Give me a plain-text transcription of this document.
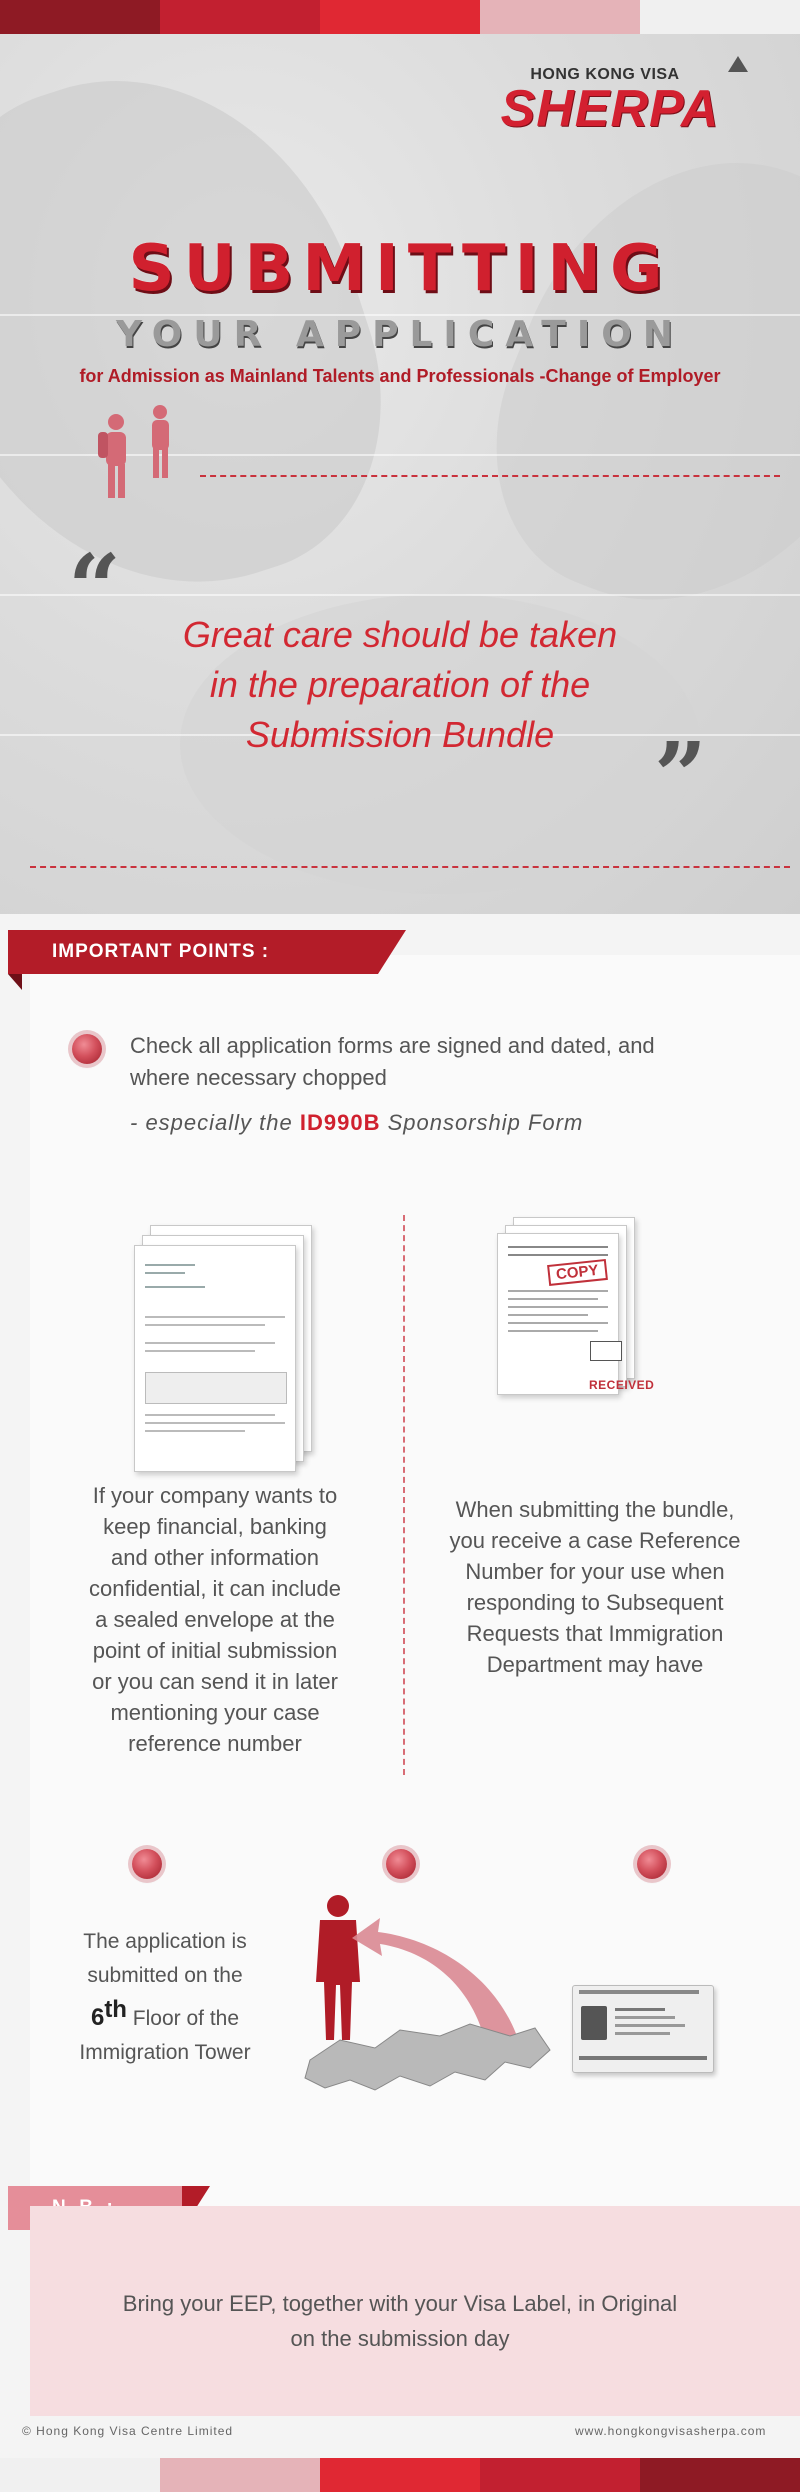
HONG KONG VISA
SHERPA
SUBMITTING
YOUR APPLICATION
for Admission as Mainland Talents and Professionals -Change of Employer
“	Great care should be taken
in the preparation of the
Submission Bundle	”
IMPORTANT POINTS :
Check all application forms are signed and dated, and
where necessary chopped
- especially the ID990B Sponsorship Form
COPY
RECEIVED
If your company wants to
keep financial, banking
and other information
confidential, it can include
a sealed envelope at the
point of initial submission
or you can send it in later
mentioning your case
reference number
When submitting the bundle,
you receive a case Reference
Number for your use when
responding to Subsequent
Requests that Immigration
Department may have
The application is
submitted on the
6th Floor of the
Immigration Tower
Bring your EEP, together with your Visa Label, in Original
on the submission day
© Hong Kong Visa Centre Limited	www.hongkongvisasherpa.com
